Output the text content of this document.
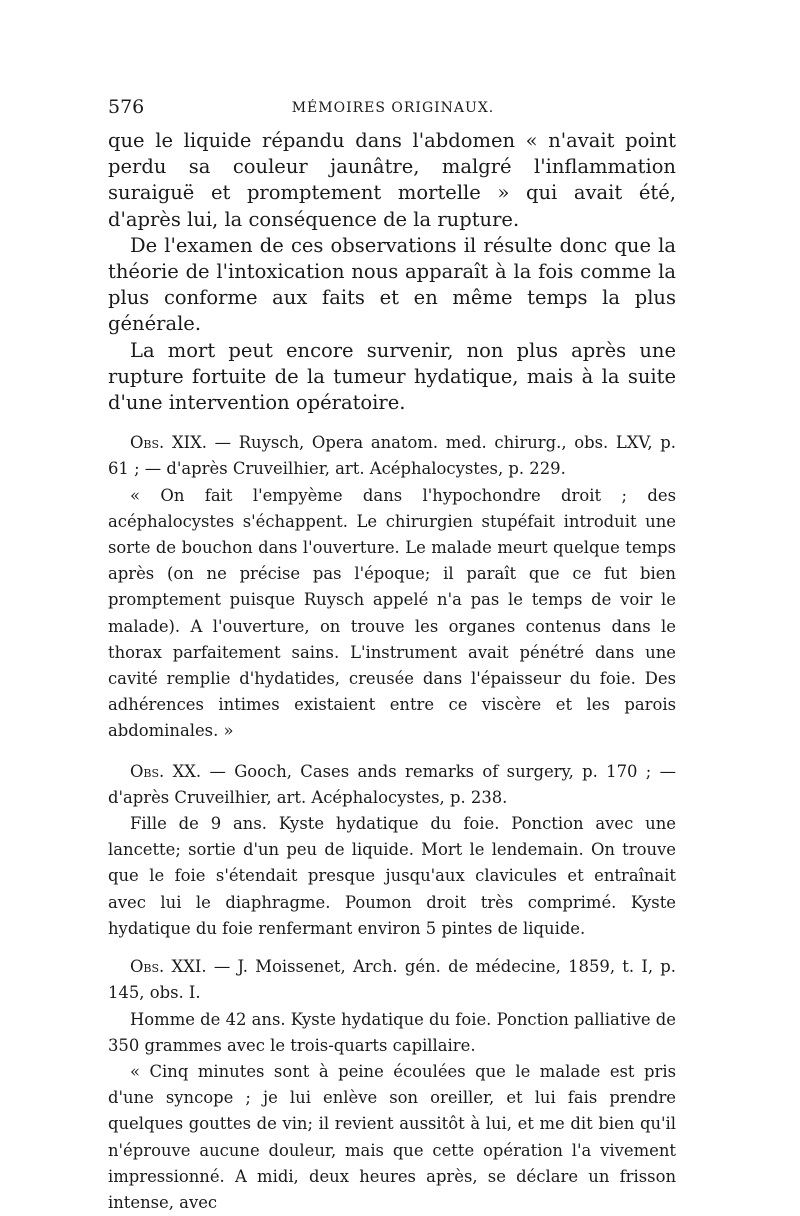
576	MÉMOIRES ORIGINAUX.

que le liquide répandu dans l'abdomen « n'avait point perdu sa couleur jaunâtre, malgré l'inflammation suraiguë et promptement mortelle » qui avait été, d'après lui, la conséquence de la rupture.

De l'examen de ces observations il résulte donc que la théorie de l'intoxication nous apparaît à la fois comme la plus conforme aux faits et en même temps la plus générale.

La mort peut encore survenir, non plus après une rupture fortuite de la tumeur hydatique, mais à la suite d'une intervention opératoire.

Obs. XIX. — Ruysch, Opera anatom. med. chirurg., obs. LXV, p. 61 ; — d'après Cruveilhier, art. Acéphalocystes, p. 229.

« On fait l'empyème dans l'hypochondre droit ; des acéphalocystes s'échappent. Le chirurgien stupéfait introduit une sorte de bouchon dans l'ouverture. Le malade meurt quelque temps après (on ne précise pas l'époque; il paraît que ce fut bien promptement puisque Ruysch appelé n'a pas le temps de voir le malade). A l'ouverture, on trouve les organes contenus dans le thorax parfaitement sains. L'instrument avait pénétré dans une cavité remplie d'hydatides, creusée dans l'épaisseur du foie. Des adhérences intimes existaient entre ce viscère et les parois abdominales. »

Obs. XX. — Gooch, Cases ands remarks of surgery, p. 170 ; — d'après Cruveilhier, art. Acéphalocystes, p. 238.

Fille de 9 ans. Kyste hydatique du foie. Ponction avec une lancette; sortie d'un peu de liquide. Mort le lendemain. On trouve que le foie s'étendait presque jusqu'aux clavicules et entraînait avec lui le diaphragme. Poumon droit très comprimé. Kyste hydatique du foie renfermant environ 5 pintes de liquide.

Obs. XXI. — J. Moissenet, Arch. gén. de médecine, 1859, t. I, p. 145, obs. I.

Homme de 42 ans. Kyste hydatique du foie. Ponction palliative de 350 grammes avec le trois-quarts capillaire.

« Cinq minutes sont à peine écoulées que le malade est pris d'une syncope ; je lui enlève son oreiller, et lui fais prendre quelques gouttes de vin; il revient aussitôt à lui, et me dit bien qu'il n'éprouve aucune douleur, mais que cette opération l'a vivement impressionné. A midi, deux heures après, se déclare un frisson intense, avec
